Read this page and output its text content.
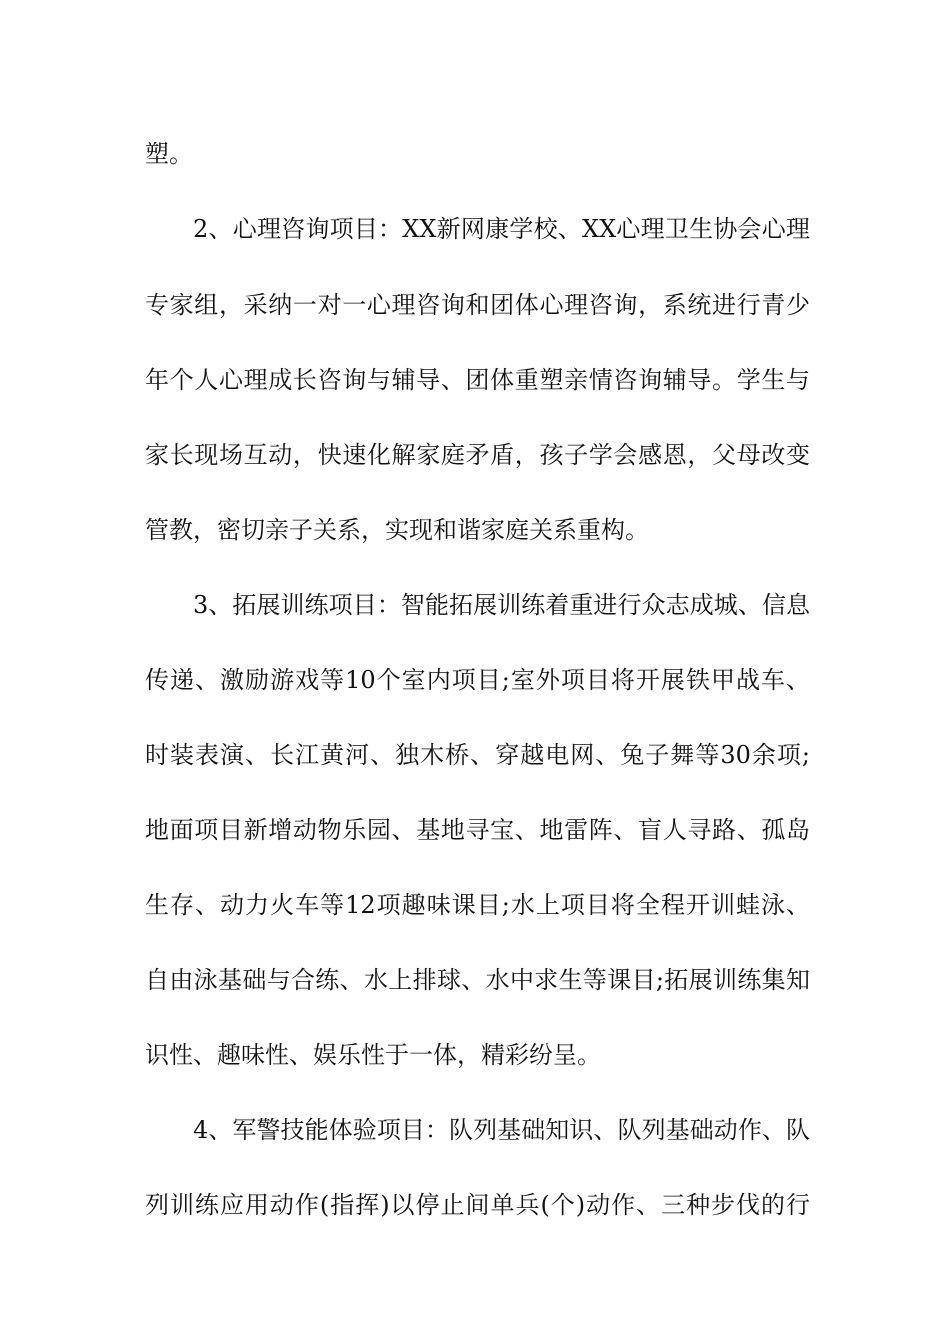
塑。
2、心理咨询项目：XX新网康学校、XX心理卫生协会心理
专家组，采纳一对一心理咨询和团体心理咨询，系统进行青少
年个人心理成长咨询与辅导、团体重塑亲情咨询辅导。学生与
家长现场互动，快速化解家庭矛盾，孩子学会感恩，父母改变
管教，密切亲子关系，实现和谐家庭关系重构。
3、拓展训练项目：智能拓展训练着重进行众志成城、信息
传递、激励游戏等10个室内项目;室外项目将开展铁甲战车、
时装表演、长江黄河、独木桥、穿越电网、兔子舞等30余项;
地面项目新增动物乐园、基地寻宝、地雷阵、盲人寻路、孤岛
生存、动力火车等12项趣味课目;水上项目将全程开训蛙泳、
自由泳基础与合练、水上排球、水中求生等课目;拓展训练集知
识性、趣味性、娱乐性于一体，精彩纷呈。
4、军警技能体验项目：队列基础知识、队列基础动作、队
列训练应用动作(指挥)以停止间单兵(个)动作、三种步伐的行
